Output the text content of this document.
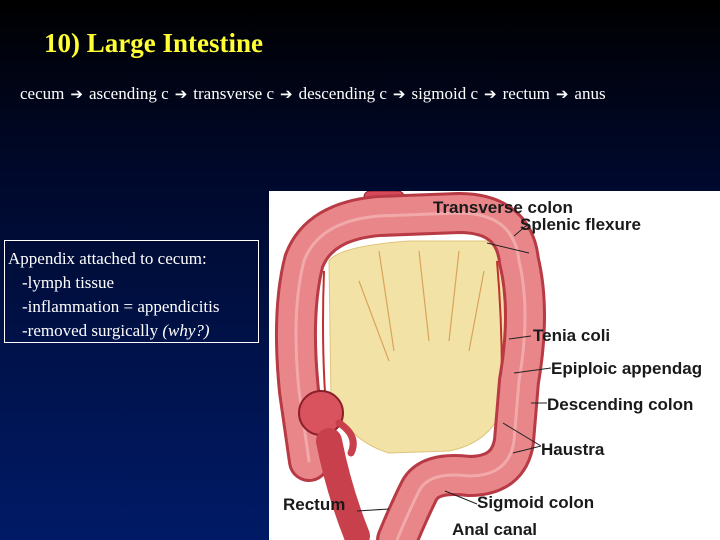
10) Large Intestine
cecum ➔ ascending c ➔ transverse c ➔ descending c ➔ sigmoid c ➔ rectum ➔ anus
Appendix attached to cecum:
-lymph tissue
-inflammation = appendicitis
-removed surgically (why?)
Transverse colon
Splenic flexure
Tenia coli
Epiploic appendag
Descending colon
Haustra
Sigmoid colon
Rectum
Anal canal
